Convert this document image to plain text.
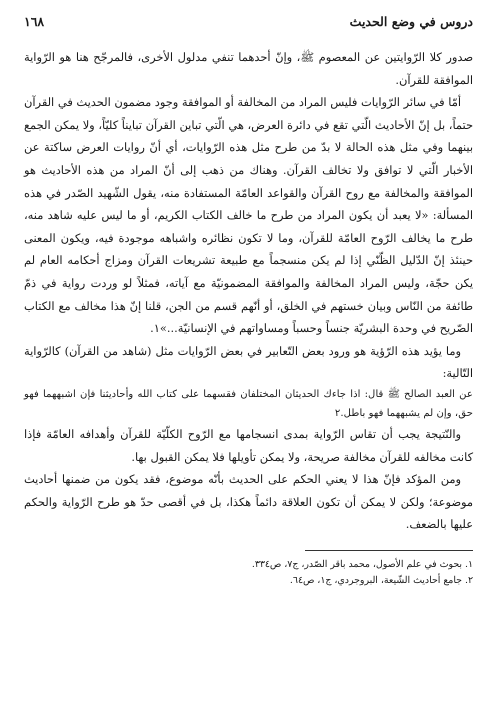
دروس في وضع الحديث
١٦٨

صدور كلا الرّوايتين عن المعصوم ﷺ، وإنّ أحدهما تنفي مدلول الأخرى، فالمرجّح هنا هو الرّواية الموافقة للقرآن.

أمّا في سائر الرّوايات فليس المراد من المخالفة أو الموافقة وجود مضمون الحديث في القرآن حتماً، بل إنّ الأحاديث الّتي تقع في دائرة العرض، هي الّتي تباين القرآن تبايناً كليّاً، ولا يمكن الجمع بينهما وفي مثل هذه الحالة لا بدّ من طرح مثل هذه الرّوايات، أي أنّ روايات العرض ساكتة عن الأخبار الّتي لا توافق ولا تخالف القرآن. وهناك من ذهب إلى أنّ المراد من هذه الأحاديث هو الموافقة والمخالفة مع روح القرآن والقواعد العامّة المستفادة منه، يقول الشّهيد الصّدر في هذه المسألة: «لا يعبد أن يكون المراد من طرح ما خالف الكتاب الكريم، أو ما ليس عليه شاهد منه، طرح ما يخالف الرّوح العامّة للقرآن، وما لا تكون نظائره واشباهه موجودة فيه، ويكون المعنى حينئذ إنّ الدّليل الظّنّي إذا لم يكن منسجماً مع طبيعة تشريعات القرآن ومزاج أحكامه العام لم يكن حجّة، وليس المراد المخالفة والموافقة المضمونيّة مع آياته، فمثلاً لو وردت رواية في ذمّ طائفة من النّاس وبيان خستهم في الخلق، أو أنّهم قسم من الجن، قلنا إنّ هذا مخالف مع الكتاب الصّريح في وحدة البشريّة جنساً وحسباً ومساواتهم في الإنسانيّة...»١.

وما يؤيد هذه الرّؤية هو ورود بعض التّعابير في بعض الرّوايات مثل (شاهد من القرآن) كالرّواية التّالية:

عن العبد الصالح ﷺ قال: اذا جاءك الحديثان المختلفان فقسهما على كتاب الله وأحاديثنا فإن اشبههما فهو حق، وإن لم يشبههما فهو باطل.٢

والنّتيجة يجب أن تقاس الرّواية بمدى انسجامها مع الرّوح الكلّيّة للقرآن وأهدافه العامّة فإذا كانت مخالفه للقرآن مخالفة صريحة، ولا يمكن تأويلها فلا يمكن القبول بها.

ومن المؤكد فإنّ هذا لا يعني الحكم على الحديث بأنّه موضوع، فقد يكون من ضمنها أحاديث موضوعة؛ ولكن لا يمكن أن تكون العلاقة دائماً هكذا، بل في أقصى حدّ هو طرح الرّواية والحكم عليها بالضعف.

١. بحوث في علم الأصول، محمد باقر الصّدر، ج٧، ص٣٣٤.
٢. جامع أحاديث الشّيعة، البروجردي، ج١، ص٦٤.
